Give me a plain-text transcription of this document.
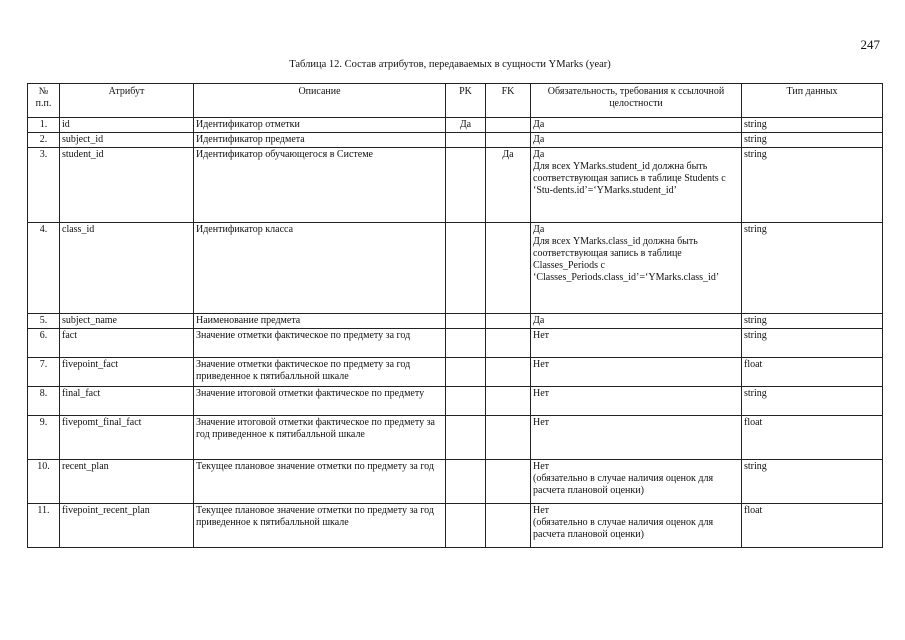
247
Таблица 12. Состав атрибутов, передаваемых в сущности YMarks (year)
№ п.п.	Атрибут	Описание	PK	FK	Обязательность, требования к ссылочной целостности	Тип данных
1.	id	Идентификатор отметки	Да		Да	string
2.	subject_id	Идентификатор предмета			Да	string
3.	student_id	Идентификатор обучающегося в Системе		Да	Да
Для всех YMarks.student_id должна быть соответствующая запись в таблице Students с ‘Stu-dents.id’=‘YMarks.student_id’	string
4.	class_id	Идентификатор класса			Да
Для всех YMarks.class_id должна быть соответствующая запись в таблице Classes_Periods с ‘Classes_Periods.class_id’=‘YMarks.class_id’	string
5.	subject_name	Наименование предмета			Да	string
6.	fact	Значение отметки фактическое по предмету за год			Нет	string
7.	fivepoint_fact	Значение отметки фактическое по предмету за год приведенное к пятибалльной шкале			Нет	float
8.	final_fact	Значение итоговой отметки фактическое по предмету			Нет	string
9.	fivepomt_final_fact	Значение итоговой отметки фактическое по предмету за год приведенное к пятибалльной шкале			Нет	float
10.	recent_plan	Текущее плановое значение отметки по предмету за год			Нет
(обязательно в случае наличия оценок для расчета плановой оценки)	string
11.	fivepoint_recent_plan	Текущее плановое значение отметки по предмету за год приведенное к пятибалльной шкале			Нет
(обязательно в случае наличия оценок для расчета плановой оценки)	float
